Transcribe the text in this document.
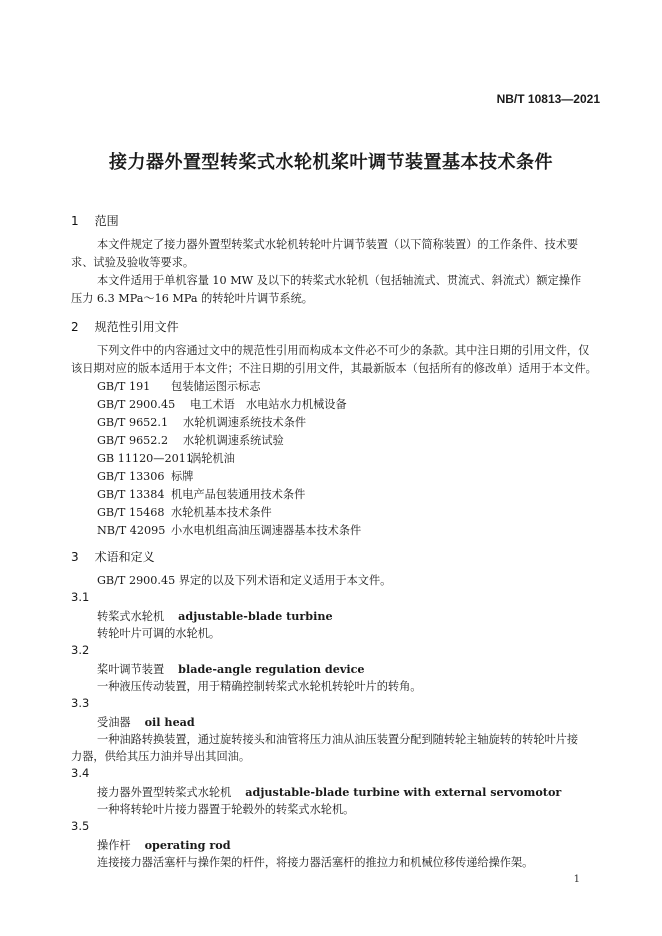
NB/T 10813—2021
接力器外置型转桨式水轮机桨叶调节装置基本技术条件
1 范围
本文件规定了接力器外置型转桨式水轮机转轮叶片调节装置（以下简称装置）的工作条件、技术要
求、试验及验收等要求。
本文件适用于单机容量 10 MW 及以下的转桨式水轮机（包括轴流式、贯流式、斜流式）额定操作
压力 6.3 MPa～16 MPa 的转轮叶片调节系统。
2 规范性引用文件
下列文件中的内容通过文中的规范性引用而构成本文件必不可少的条款。其中注日期的引用文件，仅
该日期对应的版本适用于本文件；不注日期的引用文件，其最新版本（包括所有的修改单）适用于本文件。
GB/T 191 包装储运图示标志
GB/T 2900.45 电工术语　水电站水力机械设备
GB/T 9652.1 水轮机调速系统技术条件
GB/T 9652.2 水轮机调速系统试验
GB 11120—2011涡轮机油
GB/T 13306 标牌
GB/T 13384 机电产品包装通用技术条件
GB/T 15468 水轮机基本技术条件
NB/T 42095 小水电机组高油压调速器基本技术条件
3 术语和定义
GB/T 2900.45 界定的以及下列术语和定义适用于本文件。
3.1
转桨式水轮机 adjustable-blade turbine
转轮叶片可调的水轮机。
3.2
桨叶调节装置 blade-angle regulation device
一种液压传动装置，用于精确控制转桨式水轮机转轮叶片的转角。
3.3
受油器 oil head
一种油路转换装置，通过旋转接头和油管将压力油从油压装置分配到随转轮主轴旋转的转轮叶片接
力器，供给其压力油并导出其回油。
3.4
接力器外置型转桨式水轮机 adjustable-blade turbine with external servomotor
一种将转轮叶片接力器置于轮毂外的转桨式水轮机。
3.5
操作杆 operating rod
连接接力器活塞杆与操作架的杆件，将接力器活塞杆的推拉力和机械位移传递给操作架。
1
